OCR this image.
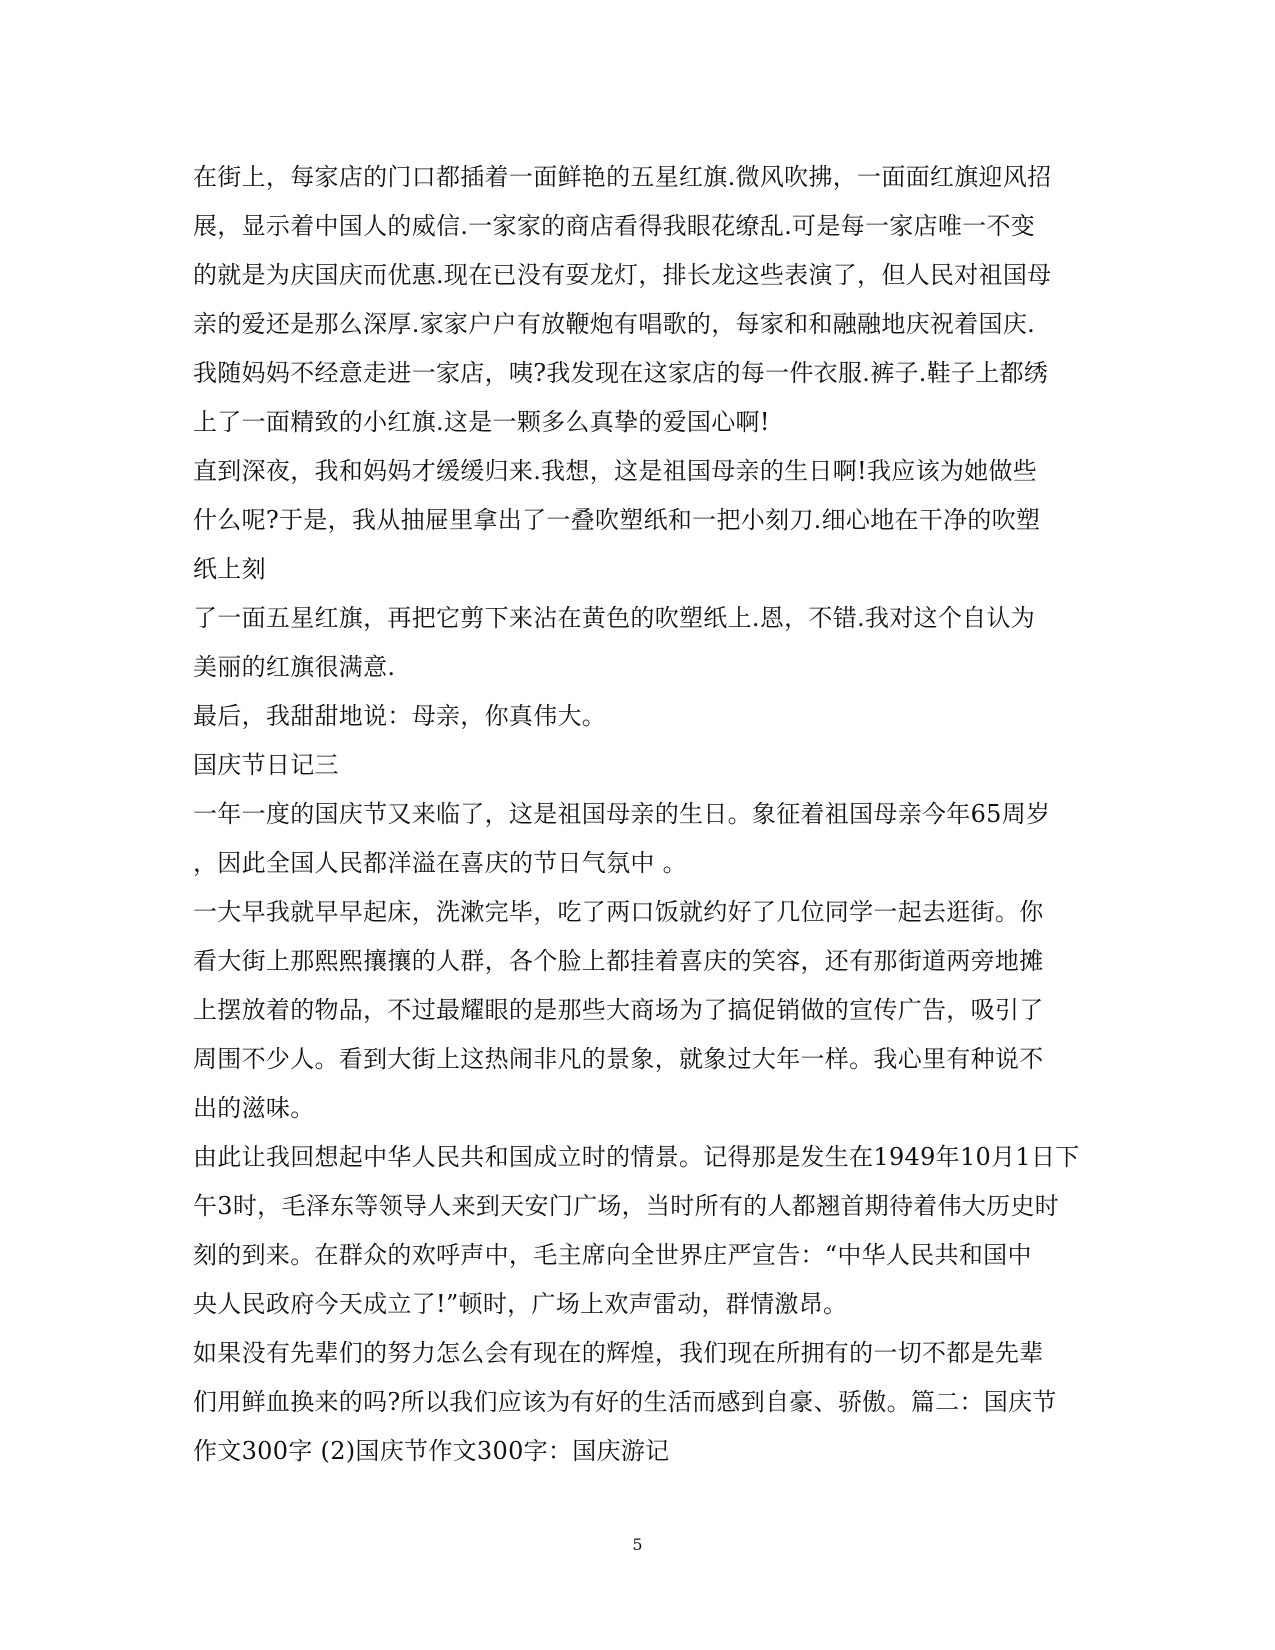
在街上，每家店的门口都插着一面鲜艳的五星红旗.微风吹拂，一面面红旗迎风招
展，显示着中国人的威信.一家家的商店看得我眼花缭乱.可是每一家店唯一不变
的就是为庆国庆而优惠.现在已没有耍龙灯，排长龙这些表演了，但人民对祖国母
亲的爱还是那么深厚.家家户户有放鞭炮有唱歌的，每家和和融融地庆祝着国庆.
我随妈妈不经意走进一家店，咦?我发现在这家店的每一件衣服.裤子.鞋子上都绣
上了一面精致的小红旗.这是一颗多么真挚的爱国心啊!
直到深夜，我和妈妈才缓缓归来.我想，这是祖国母亲的生日啊!我应该为她做些
什么呢?于是，我从抽屉里拿出了一叠吹塑纸和一把小刻刀.细心地在干净的吹塑
纸上刻
了一面五星红旗，再把它剪下来沾在黄色的吹塑纸上.恩，不错.我对这个自认为
美丽的红旗很满意.
最后，我甜甜地说：母亲，你真伟大。
国庆节日记三
一年一度的国庆节又来临了，这是祖国母亲的生日。象征着祖国母亲今年65周岁
，因此全国人民都洋溢在喜庆的节日气氛中 。
一大早我就早早起床，洗漱完毕，吃了两口饭就约好了几位同学一起去逛街。你
看大街上那熙熙攘攘的人群，各个脸上都挂着喜庆的笑容，还有那街道两旁地摊
上摆放着的物品，不过最耀眼的是那些大商场为了搞促销做的宣传广告，吸引了
周围不少人。看到大街上这热闹非凡的景象，就象过大年一样。我心里有种说不
出的滋味。
由此让我回想起中华人民共和国成立时的情景。记得那是发生在1949年10月1日下
午3时，毛泽东等领导人来到天安门广场，当时所有的人都翘首期待着伟大历史时
刻的到来。在群众的欢呼声中，毛主席向全世界庄严宣告：“中华人民共和国中
央人民政府今天成立了!”顿时，广场上欢声雷动，群情激昂。
如果没有先辈们的努力怎么会有现在的辉煌，我们现在所拥有的一切不都是先辈
们用鲜血换来的吗?所以我们应该为有好的生活而感到自豪、骄傲。篇二：国庆节
作文300字 (2)国庆节作文300字：国庆游记
5
